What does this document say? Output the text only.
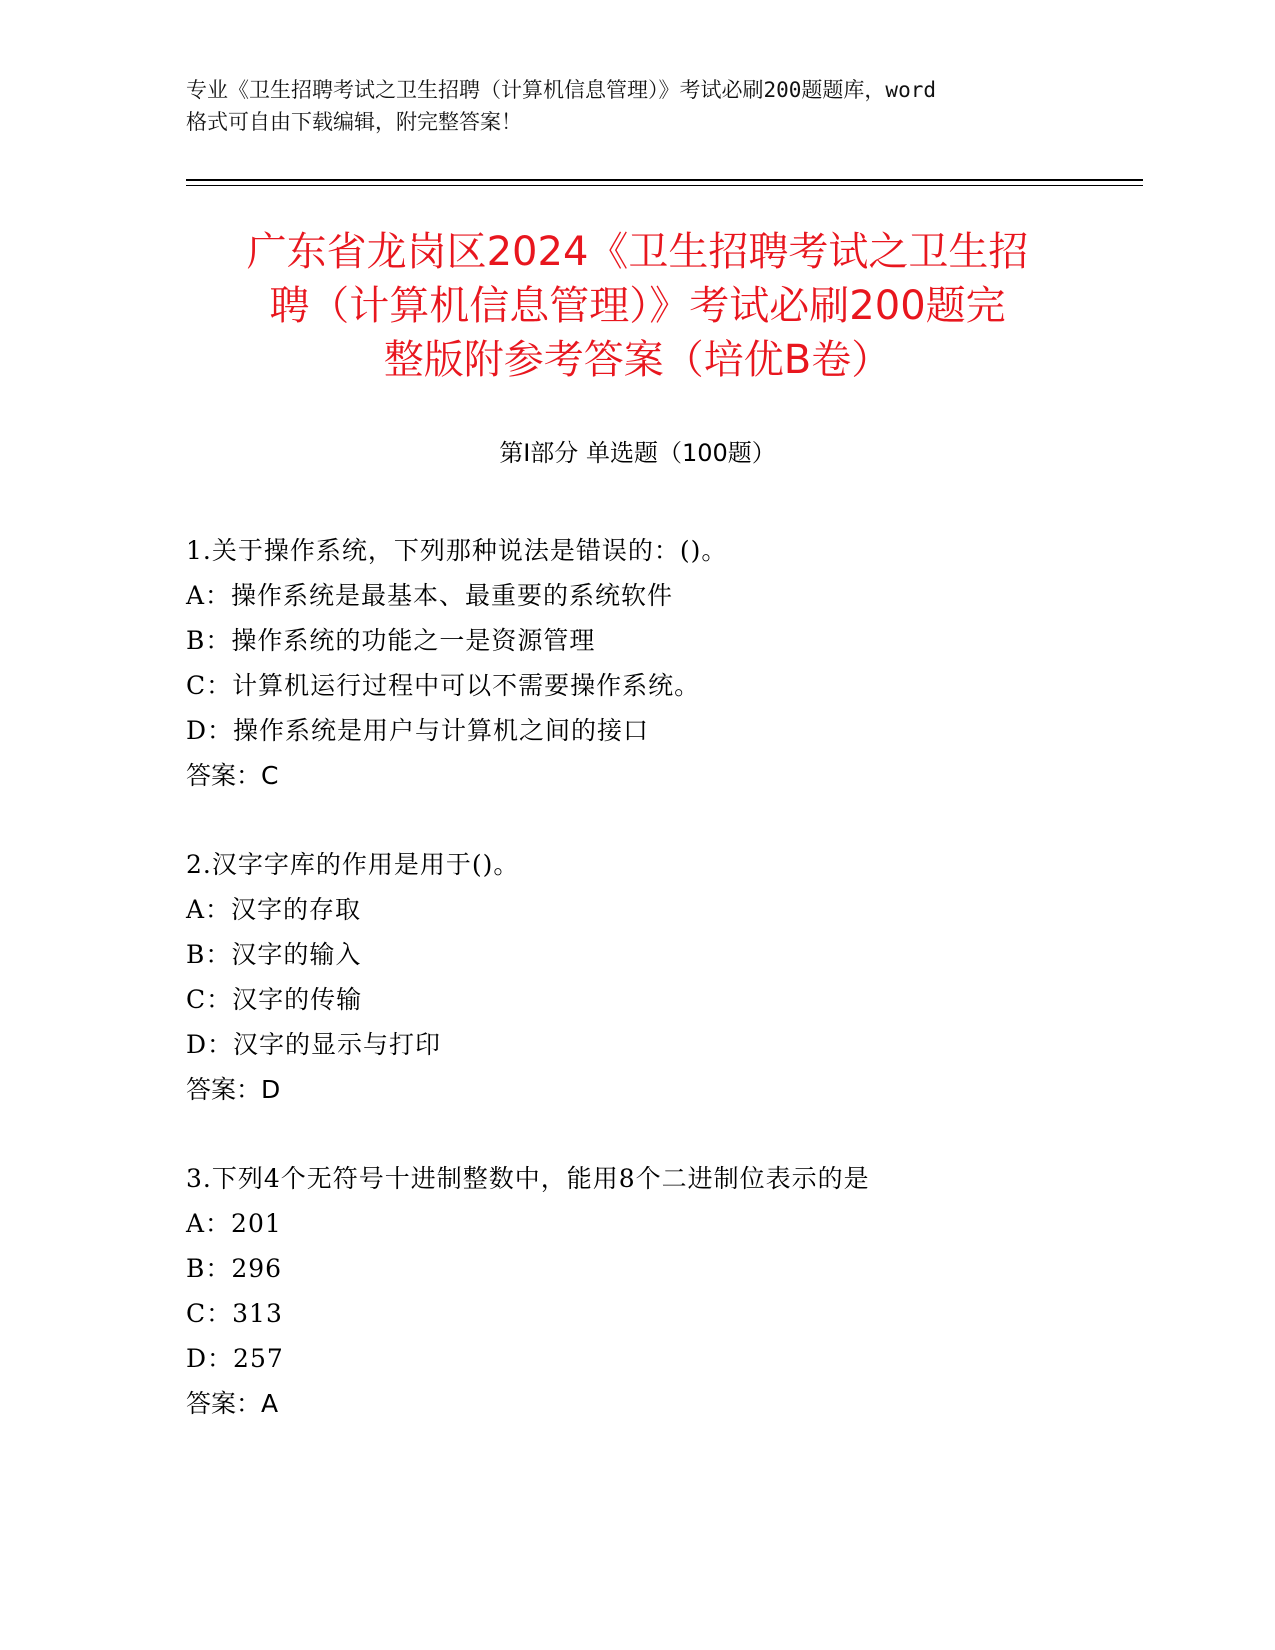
专业《卫生招聘考试之卫生招聘（计算机信息管理）》考试必刷200题题库，word
格式可自由下载编辑，附完整答案！
广东省龙岗区2024《卫生招聘考试之卫生招
聘（计算机信息管理）》考试必刷200题完
整版附参考答案（培优B卷）
第Ⅰ部分 单选题（100题）
1.关于操作系统，下列那种说法是错误的：()。
A：操作系统是最基本、最重要的系统软件
B：操作系统的功能之一是资源管理
C：计算机运行过程中可以不需要操作系统。
D：操作系统是用户与计算机之间的接口
答案：C
2.汉字字库的作用是用于()。
A：汉字的存取
B：汉字的输入
C：汉字的传输
D：汉字的显示与打印
答案：D
3.下列4个无符号十进制整数中，能用8个二进制位表示的是
A：201
B：296
C：313
D：257
答案：A
